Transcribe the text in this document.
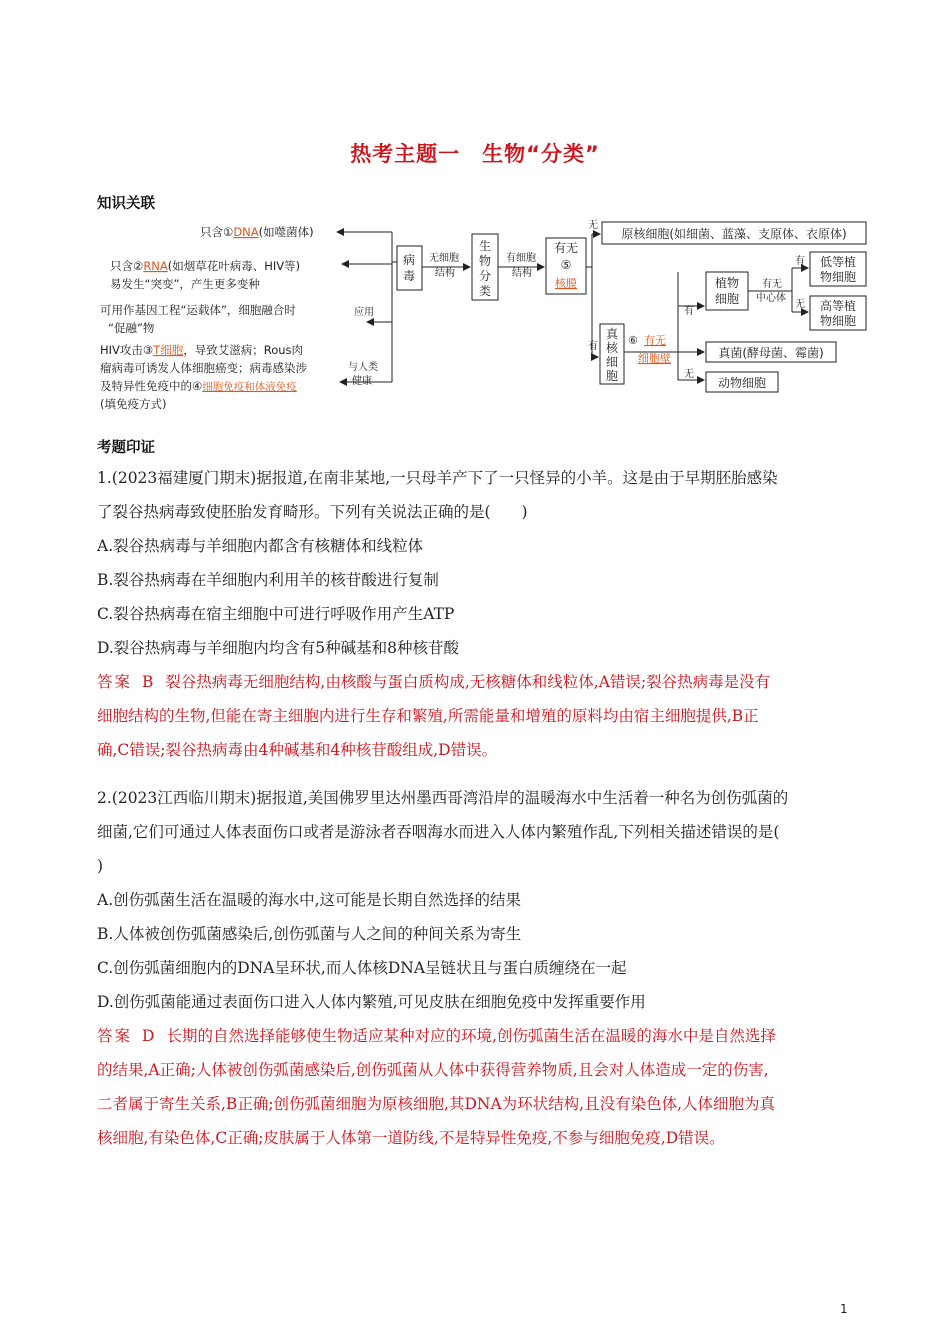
热考主题一　生物“分类”
知识关联
只含①DNA(如噬菌体)
只含②RNA(如烟草花叶病毒、HIV等)
易发生“突变”，产生更多变种
可用作基因工程“运载体”，细胞融合时
“促融”物
HIV攻击③T细胞，导致艾滋病；Rous肉
瘤病毒可诱发人体细胞癌变；病毒感染涉
及特异性免疫中的④细胞免疫和体液免疫
(填免疫方式)
应用
与人类
健康
无细胞
结构
有细胞
结构
无
有
有
无
有无
中心体
有
无
病
毒
生
物
分
类
有无
⑤
核膜
原核细胞(如细菌、蓝藻、支原体、衣原体)
真
核
细
胞
植物
细胞
低等植
物细胞
高等植
物细胞
真菌(酵母菌、霉菌)
动物细胞
⑥ 有无
细胞壁
考题印证

1.(2023福建厦门期末)据报道,在南非某地,一只母羊产下了一只怪异的小羊。这是由于早期胚胎感染

了裂谷热病毒致使胚胎发育畸形。下列有关说法正确的是(　　)

A.裂谷热病毒与羊细胞内都含有核糖体和线粒体

B.裂谷热病毒在羊细胞内利用羊的核苷酸进行复制

C.裂谷热病毒在宿主细胞中可进行呼吸作用产生ATP

D.裂谷热病毒与羊细胞内均含有5种碱基和8种核苷酸

答案 B 裂谷热病毒无细胞结构,由核酸与蛋白质构成,无核糖体和线粒体,A错误;裂谷热病毒是没有

细胞结构的生物,但能在寄主细胞内进行生存和繁殖,所需能量和增殖的原料均由宿主细胞提供,B正

确,C错误;裂谷热病毒由4种碱基和4种核苷酸组成,D错误。

2.(2023江西临川期末)据报道,美国佛罗里达州墨西哥湾沿岸的温暖海水中生活着一种名为创伤弧菌的

细菌,它们可通过人体表面伤口或者是游泳者吞咽海水而进入人体内繁殖作乱,下列相关描述错误的是(

)

A.创伤弧菌生活在温暖的海水中,这可能是长期自然选择的结果

B.人体被创伤弧菌感染后,创伤弧菌与人之间的种间关系为寄生

C.创伤弧菌细胞内的DNA呈环状,而人体核DNA呈链状且与蛋白质缠绕在一起

D.创伤弧菌能通过表面伤口进入人体内繁殖,可见皮肤在细胞免疫中发挥重要作用

答案 D 长期的自然选择能够使生物适应某种对应的环境,创伤弧菌生活在温暖的海水中是自然选择

的结果,A正确;人体被创伤弧菌感染后,创伤弧菌从人体中获得营养物质,且会对人体造成一定的伤害,

二者属于寄生关系,B正确;创伤弧菌细胞为原核细胞,其DNA为环状结构,且没有染色体,人体细胞为真

核细胞,有染色体,C正确;皮肤属于人体第一道防线,不是特异性免疫,不参与细胞免疫,D错误。

1
